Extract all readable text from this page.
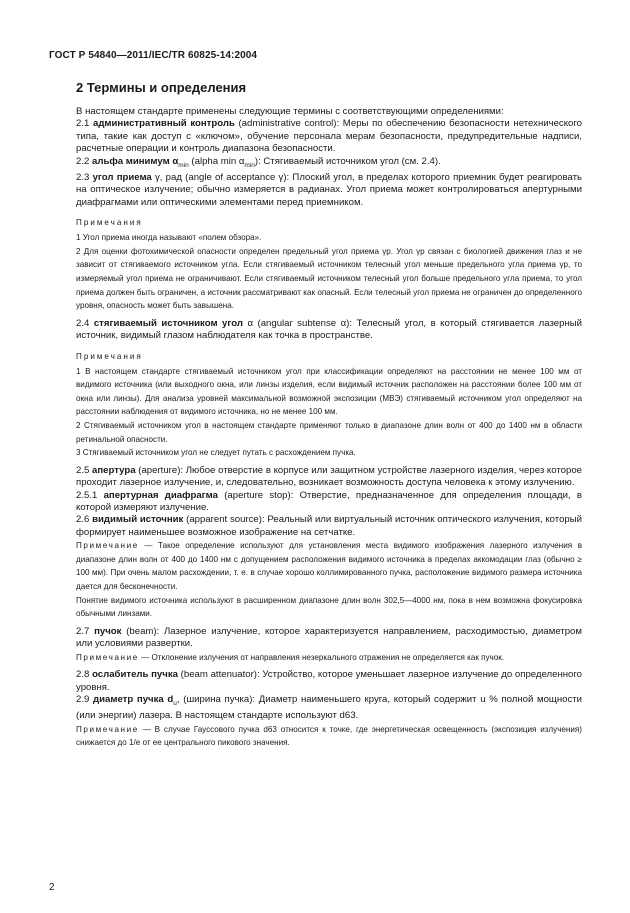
ГОСТ Р 54840—2011/IEC/TR 60825-14:2004
2 Термины и определения

В настоящем стандарте применены следующие термины с соответствующими определениями:

2.1 административный контроль (administrative control): Меры по обеспечению безопасности нетехнического типа, такие как доступ с «ключом», обучение персонала мерам безопасности, предупредительные надписи, расчетные операции и контроль диапазона безопасности.

2.2 альфа минимум $\alpha_{min}$ (alpha $\min \alpha_{min}$): Стягиваемый источником угол (см. 2.4).

2.3 угол приема γ, рад (angle of acceptance γ): Плоский угол, в пределах которого приемник будет реагировать на оптическое излучение; обычно измеряется в радианах. Угол приема может контролироваться апертурными диафрагмами или оптическими элементами перед приемником.

Примечания

1 Угол приема иногда называют «полем обзора».

2 Для оценки фотохимической опасности определен предельный угол приема γp. Угол γp связан с биологией движения глаз и не зависит от стягиваемого источником угла. Если стягиваемый источником телесный угол меньше предельного угла приема γp, то измеряемый угол приема не ограничивают. Если стягиваемый источником телесный угол больше предельного угла приема, то угол приема должен быть ограничен, а источник рассматривают как опасный. Если телесный угол приема не ограничен до определенного уровня, опасность может быть завышена.

2.4 стягиваемый источником угол α (angular subtense α): Телесный угол, в который стягивается лазерный источник, видимый глазом наблюдателя как точка в пространстве.

Примечания

1 В настоящем стандарте стягиваемый источником угол при классификации определяют на расстоянии не менее 100 мм от видимого источника (или выходного окна, или линзы изделия, если видимый источник расположен на расстоянии более 100 мм от окна или линзы). Для анализа уровней максимальной возможной экспозиции (МВЭ) стягиваемый источником угол определяют на расстоянии наблюдения от видимого источника, но не менее 100 мм.

2 Стягиваемый источником угол в настоящем стандарте применяют только в диапазоне длин волн от 400 до 1400 нм в области ретинальной опасности.

3 Стягиваемый источником угол не следует путать с расхождением пучка.

2.5 апертура (aperture): Любое отверстие в корпусе или защитном устройстве лазерного изделия, через которое проходит лазерное излучение, и, следовательно, возникает возможность доступа человека к этому излучению.

2.5.1 апертурная диафрагма (aperture stop): Отверстие, предназначенное для определения площади, в которой измеряют излучение.

2.6 видимый источник (apparent source): Реальный или виртуальный источник оптического излучения, который формирует наименьшее возможное изображение на сетчатке.

Примечание — Такое определение используют для установления места видимого изображения лазерного излучения в диапазоне длин волн от 400 до 1400 нм с допущением расположения видимого источника в пределах аккомодации глаз (обычно ≥ 100 мм). При очень малом расхождении, т. е. в случае хорошо коллимированного пучка, расположение видимого размера источника дается для бесконечности.

Понятие видимого источника используют в расширенном диапазоне длин волн 302,5—4000 нм, пока в нем возможна фокусировка обычными линзами.

2.7 пучок (beam): Лазерное излучение, которое характеризуется направлением, расходимостью, диаметром или условиями развертки.

Примечание — Отклонение излучения от направления незеркального отражения не определяется как пучок.

2.8 ослабитель пучка (beam attenuator): Устройство, которое уменьшает лазерное излучение до определенного уровня.

2.9 диаметр пучка $d_u$, (ширина пучка): Диаметр наименьшего круга, который содержит u % полной мощности (или энергии) лазера. В настоящем стандарте используют d63.

Примечание — В случае Гауссового пучка d63 относится к точке, где энергетическая освещенность (экспозиция излучения) снижается до 1/е от ее центрального пикового значения.

2
